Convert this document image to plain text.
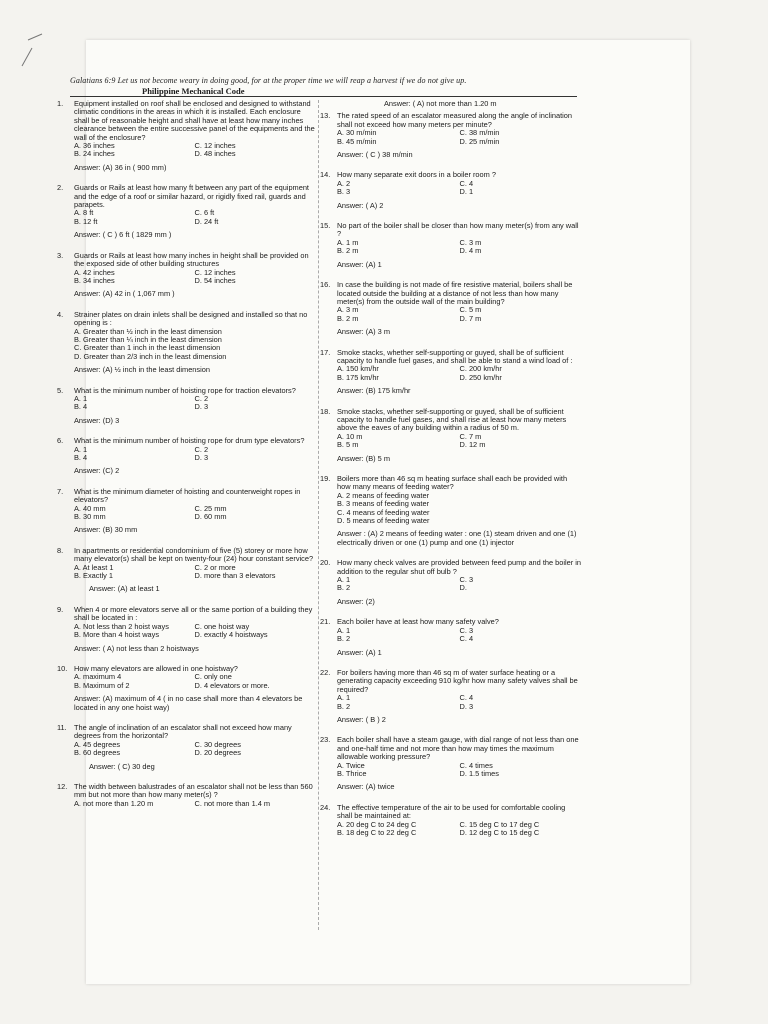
Galatians 6:9 Let us not become weary in doing good, for at the proper time we will reap a harvest if we do not give up.
Philippine Mechanical Code
1.	Equipment installed on roof shall be enclosed and designed to withstand climatic conditions in the areas in which it is installed. Each enclosure shall be of reasonable height and shall have at least how many inches clearance between the entire successive panel of the equipments and the wall of the enclosure?
A. 36 inches	C. 12 inches
B. 24 inches	D. 48 inches
Answer: (A) 36 in ( 900 mm)
2.	Guards or Rails at least how many ft between any part of the equipment and the edge of a roof or similar hazard, or rigidly fixed rail, guards and parapets.
A. 8 ft	C. 6 ft
B. 12 ft	D. 24 ft
Answer: ( C ) 6 ft ( 1829 mm )
3.	Guards or Rails at least how many inches in height shall be provided on the exposed side of other building structures
A. 42 inches	C. 12 inches
B. 34 inches	D. 54 inches
Answer: (A) 42 in ( 1,067 mm )
4.	Strainer plates on drain inlets shall be designed and installed so that no opening is :
A. Greater than ½ inch in the least dimension
B. Greater than ¼ inch in the least dimension
C. Greater than 1 inch in the least dimension
D. Greater than 2/3 inch in the least dimension
Answer: (A) ½ inch in the least dimension
5.	What is the minimum number of hoisting rope for traction elevators?
A. 1	C. 2
B. 4	D. 3
Answer: (D) 3
6.	What is the minimum number of hoisting rope for drum type elevators?
A. 1	C. 2
B. 4	D. 3
Answer: (C) 2
7.	What is the minimum diameter of hoisting and counterweight ropes in elevators?
A. 40 mm	C. 25 mm
B. 30 mm	D. 60 mm
Answer: (B) 30 mm
8.	In apartments or residential condominium of five (5) storey or more how many elevator(s) shall be kept on twenty-four (24) hour constant service?
A. At least 1	C. 2 or more
B. Exactly 1	D. more than 3 elevators
Answer: (A) at least 1
9.	When 4 or more elevators serve all or the same portion of a building they shall be located in :
A. Not less than 2 hoist ways	C. one hoist way
B. More than 4 hoist ways	D. exactly 4 hoistways
Answer: ( A) not less than 2 hoistways
10. How many elevators are allowed in one hoistway?
A. maximum 4	C. only one
B. Maximum of 2	D. 4 elevators or more.
Answer: (A) maximum of 4 ( in no case shall more than 4 elevators be located in any one hoist way)
11. The angle of inclination of an escalator shall not exceed how many degrees from the horizontal?
A. 45 degrees	C. 30 degrees
B. 60 degrees	D. 20 degrees
Answer: ( C) 30 deg
12. The width between balustrades of an escalator shall not be less than 560 mm but not more than how many meter(s) ?
A. not more than 1.20 m	C. not more than 1.4 m
Answer: ( A) not more than 1.20 m
13. The rated speed of an escalator measured along the angle of inclination shall not exceed how many meters per minute?
A. 30 m/min	C. 38 m/min
B. 45 m/min	D. 25 m/min
Answer: ( C ) 38 m/min
14. How many separate exit doors in a boiler room ?
A. 2	C. 4
B. 3	D. 1
Answer: ( A) 2
15. No part of the boiler shall be closer than how many meter(s) from any wall ?
A. 1 m	C. 3 m
B. 2 m	D. 4 m
Answer: (A) 1
16. In case the building is not made of fire resistive material, boilers shall be located outside the building at a distance of not less than how many meter(s) from the outside wall of the main building?
A. 3 m	C. 5 m
B. 2 m	D. 7 m
Answer: (A) 3 m
17. Smoke stacks, whether self-supporting or guyed, shall be of sufficient capacity to handle fuel gases, and shall be able to stand a wind load of :
A. 150 km/hr	C. 200 km/hr
B. 175 km/hr	D. 250 km/hr
Answer: (B) 175 km/hr
18. Smoke stacks, whether self-supporting or guyed, shall be of sufficient capacity to handle fuel gases, and shall rise at least how many meters above the eaves of any building within a radius of 50 m.
A. 10 m	C. 7 m
B. 5 m	D. 12 m
Answer: (B) 5 m
19. Boilers more than 46 sq m heating surface shall each be provided with how many means of feeding water?
A. 2 means of feeding water
B. 3 means of feeding water
C. 4 means of feeding water
D. 5 means of feeding water
Answer : (A) 2 means of feeding water : one (1) steam driven and one (1) electrically driven or one (1) pump and one (1) injector
20. How many check valves are provided between feed pump and the boiler in addition to the regular shut off bulb ?
A. 1	C. 3
B. 2	D.
Answer: (2)
21. Each boiler have at least how many safety valve?
A. 1	C. 3
B. 2	C. 4
Answer: (A) 1
22. For boilers having more than 46 sq m of water surface heating or a generating capacity exceeding 910 kg/hr how many safety valves shall be required?
A. 1	C. 4
B. 2	D. 3
Answer: ( B ) 2
23. Each boiler shall have a steam gauge, with dial range of not less than one and one-half time and not more than how may times the maximum allowable working pressure?
A. Twice	C. 4 times
B. Thrice	D. 1.5 times
Answer: (A) twice
24. The effective temperature of the air to be used for comfortable cooling shall be maintained at:
A. 20 deg C to 24 deg C	C. 15 deg C to 17 deg C
B. 18 deg C to 22 deg C	D. 12 deg C to 15 deg C
